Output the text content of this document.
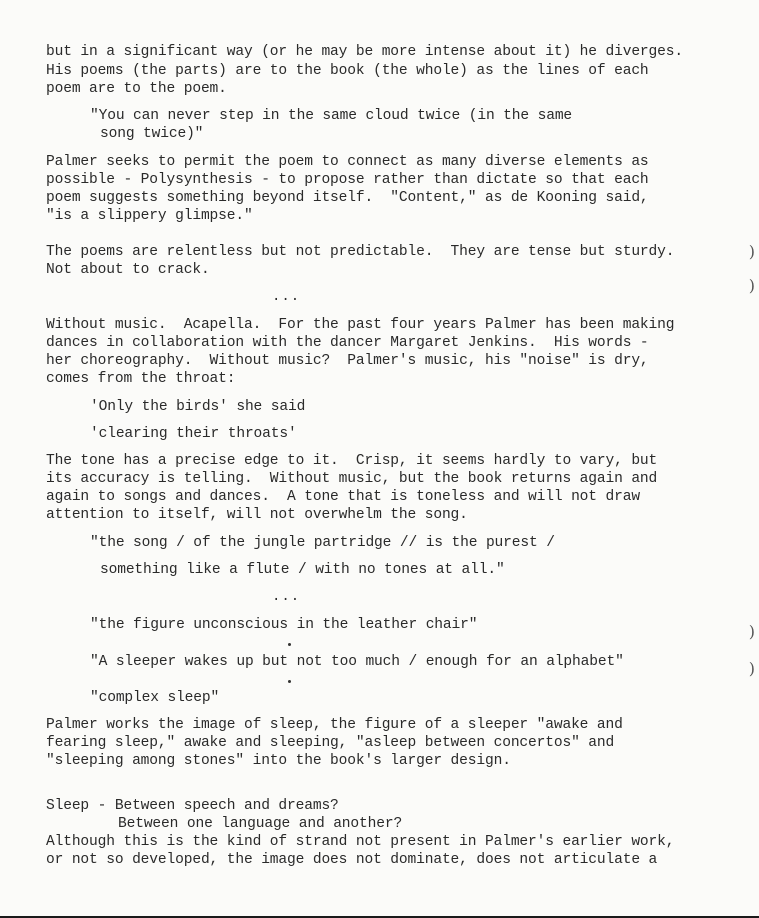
but in a significant way (or he may be more intense about it) he diverges.
His poems (the parts) are to the book (the whole) as the lines of each
poem are to the poem.
"You can never step in the same cloud twice (in the same
song twice)"
Palmer seeks to permit the poem to connect as many diverse elements as
possible - Polysynthesis - to propose rather than dictate so that each
poem suggests something beyond itself.  "Content," as de Kooning said,
"is a slippery glimpse."
The poems are relentless but not predictable.  They are tense but sturdy.
Not about to crack.
...
Without music.  Acapella.  For the past four years Palmer has been making
dances in collaboration with the dancer Margaret Jenkins.  His words -
her choreography.  Without music?  Palmer's music, his "noise" is dry,
comes from the throat:
'Only the birds' she said
'clearing their throats'
The tone has a precise edge to it.  Crisp, it seems hardly to vary, but
its accuracy is telling.  Without music, but the book returns again and
again to songs and dances.  A tone that is toneless and will not draw
attention to itself, will not overwhelm the song.
"the song / of the jungle partridge // is the purest /
something like a flute / with no tones at all."
...
"the figure unconscious in the leather chair"
"A sleeper wakes up but not too much / enough for an alphabet"
"complex sleep"
Palmer works the image of sleep, the figure of a sleeper "awake and
fearing sleep," awake and sleeping, "asleep between concertos" and
"sleeping among stones" into the book's larger design.
Sleep - Between speech and dreams?
Between one language and another?
Although this is the kind of strand not present in Palmer's earlier work,
or not so developed, the image does not dominate, does not articulate a
)
)
)
)
